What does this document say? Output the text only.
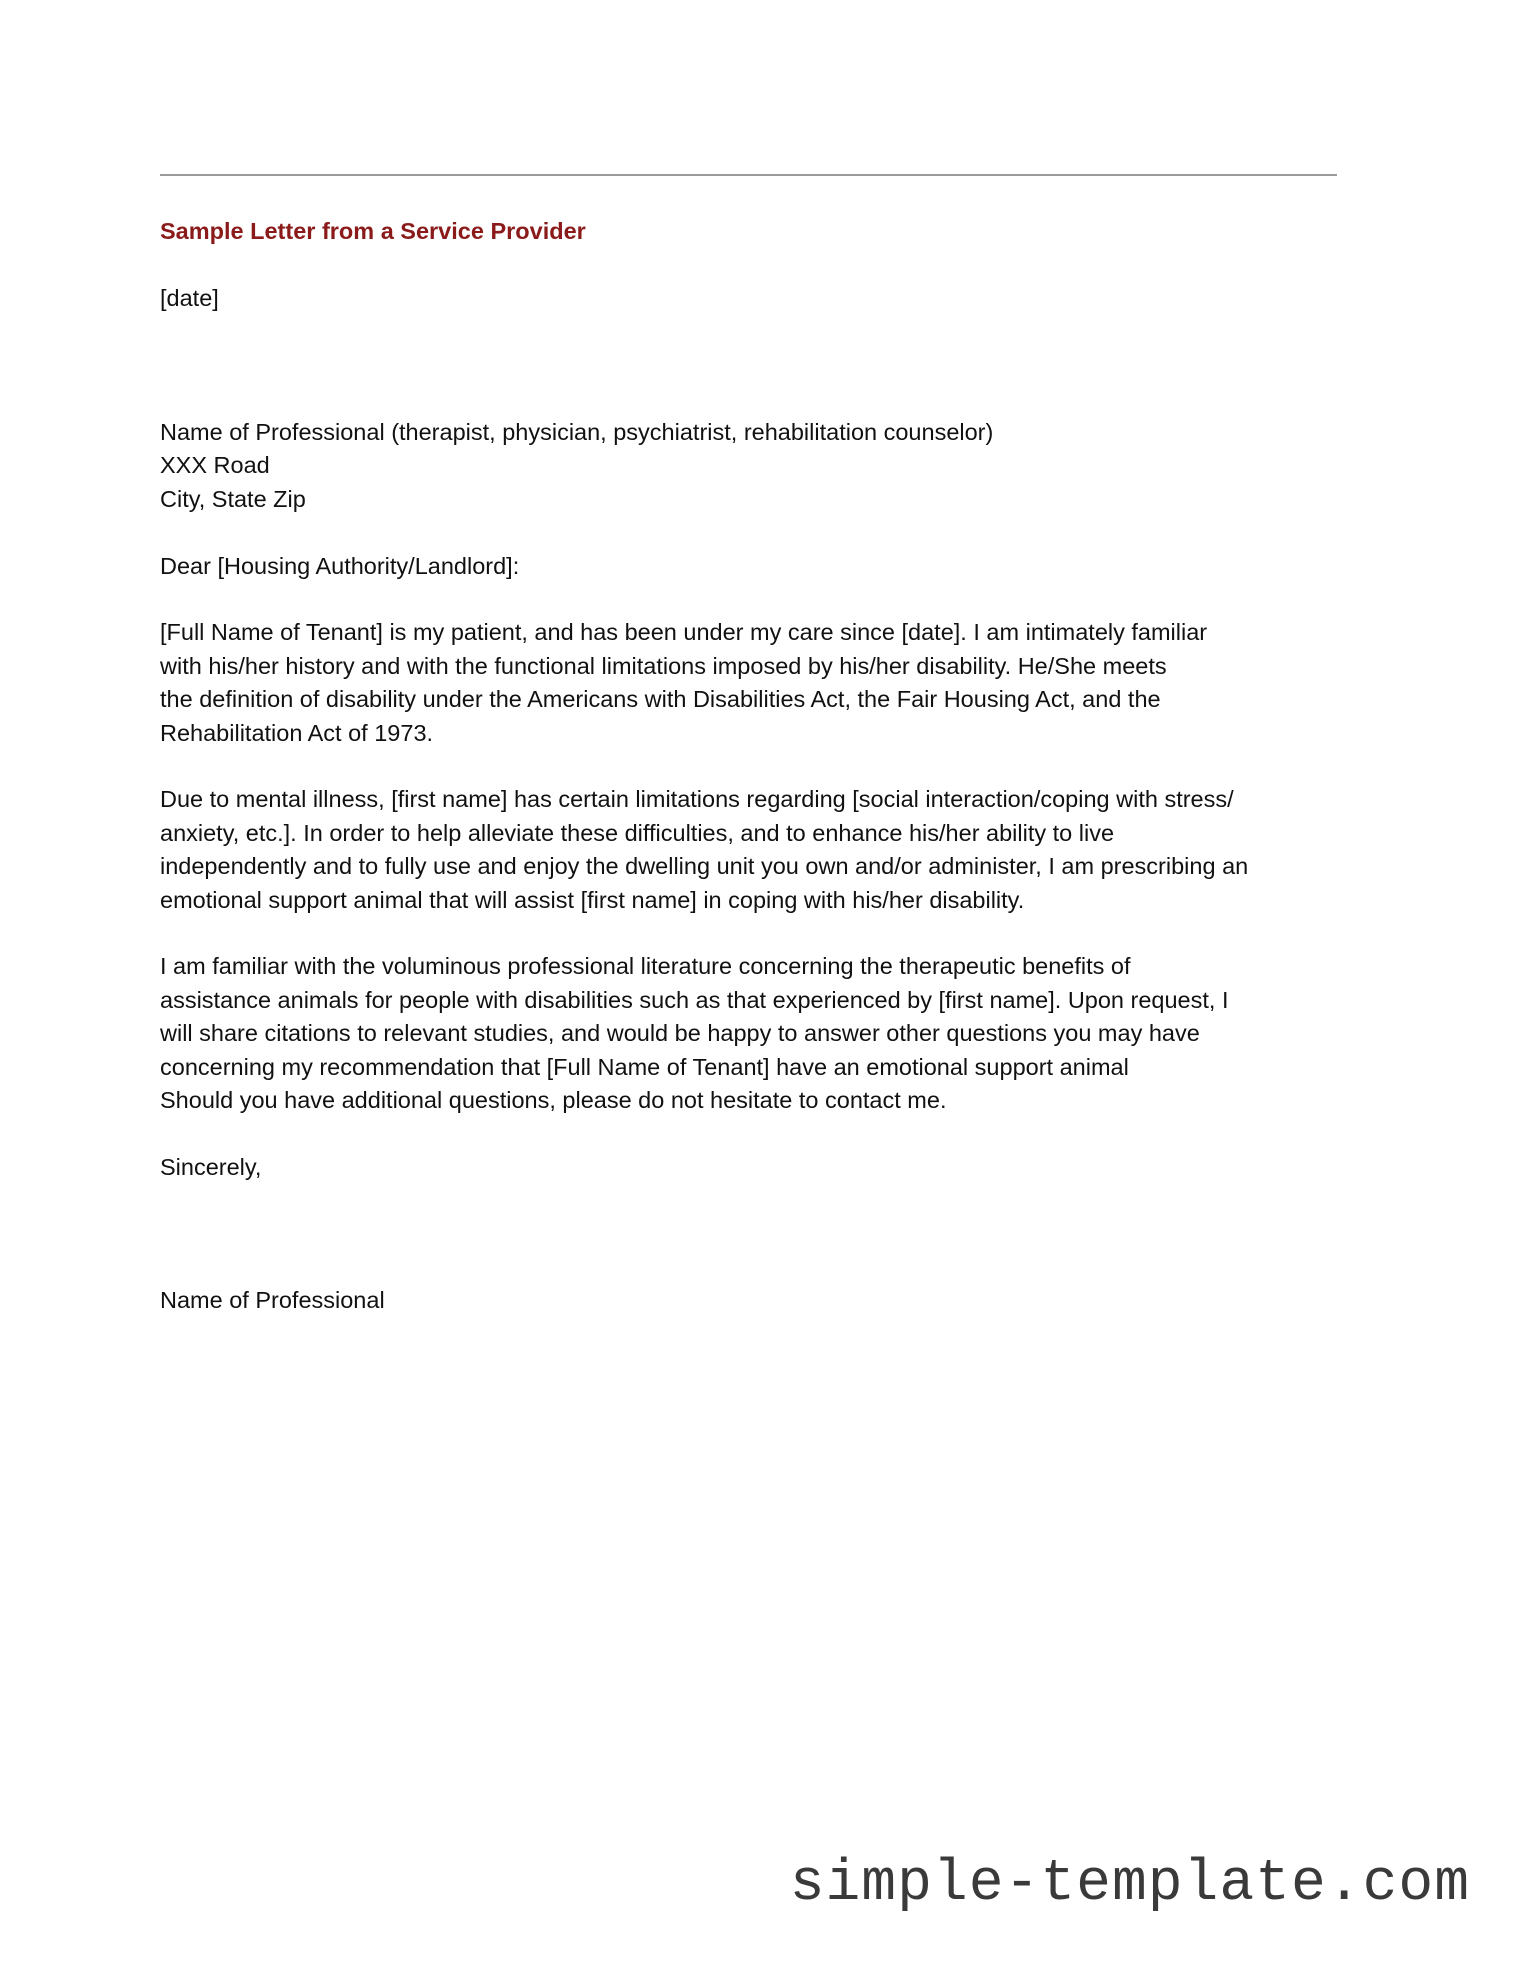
Sample Letter from a Service Provider
[date]
Name of Professional (therapist, physician, psychiatrist, rehabilitation counselor)
XXX Road
City, State Zip
Dear [Housing Authority/Landlord]:
[Full Name of Tenant] is my patient, and has been under my care since [date]. I am intimately familiar
with his/her history and with the functional limitations imposed by his/her disability. He/She meets
the definition of disability under the Americans with Disabilities Act, the Fair Housing Act, and the
Rehabilitation Act of 1973.
Due to mental illness, [first name] has certain limitations regarding [social interaction/coping with stress/
anxiety, etc.]. In order to help alleviate these difficulties, and to enhance his/her ability to live
independently and to fully use and enjoy the dwelling unit you own and/or administer, I am prescribing an
emotional support animal that will assist [first name] in coping with his/her disability.
I am familiar with the voluminous professional literature concerning the therapeutic benefits of
assistance animals for people with disabilities such as that experienced by [first name]. Upon request, I
will share citations to relevant studies, and would be happy to answer other questions you may have
concerning my recommendation that [Full Name of Tenant] have an emotional support animal
Should you have additional questions, please do not hesitate to contact me.
Sincerely,
Name of Professional
simple-template.com
